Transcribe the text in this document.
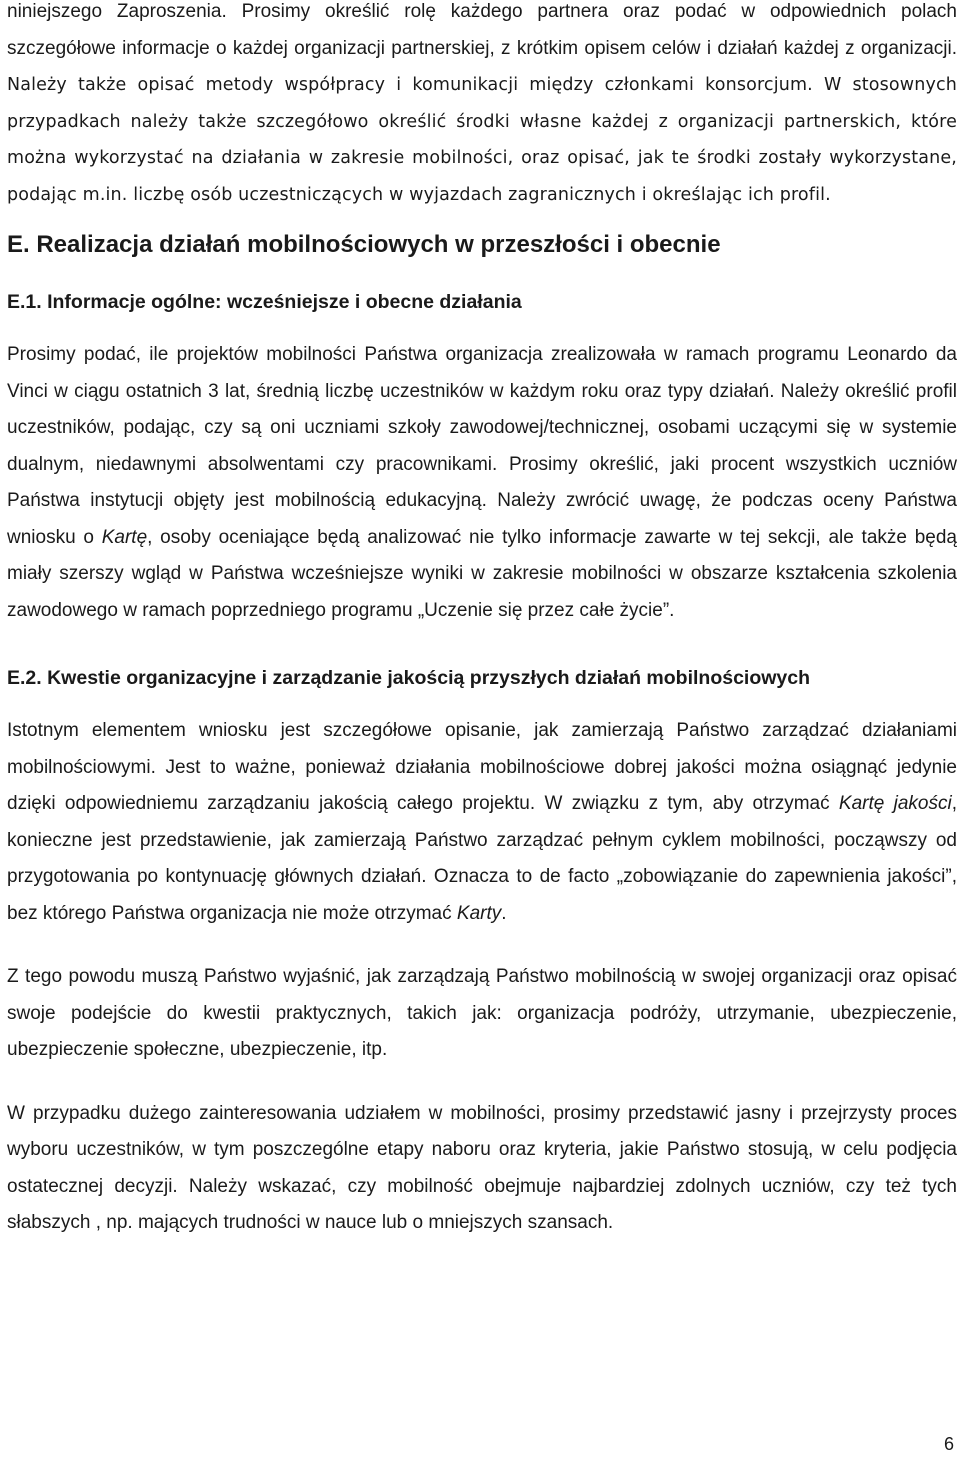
niniejszego Zaproszenia. Prosimy określić rolę każdego partnera oraz podać w odpowiednich polach szczegółowe informacje o każdej organizacji partnerskiej, z krótkim opisem celów i działań każdej z organizacji. Należy także opisać metody współpracy i komunikacji między członkami konsorcjum. W stosownych przypadkach należy także szczegółowo określić środki własne każdej z organizacji partnerskich, które można wykorzystać na działania w zakresie mobilności, oraz opisać, jak te środki zostały wykorzystane, podając m.in. liczbę osób uczestniczących w wyjazdach zagranicznych i określając ich profil.

E. Realizacja działań mobilnościowych w przeszłości i obecnie
E.1. Informacje ogólne: wcześniejsze i obecne działania

Prosimy podać, ile projektów mobilności Państwa organizacja zrealizowała w ramach programu Leonardo da Vinci w ciągu ostatnich 3 lat, średnią liczbę uczestników w każdym roku oraz typy działań. Należy określić profil uczestników, podając, czy są oni uczniami szkoły zawodowej/technicznej, osobami uczącymi się w systemie dualnym, niedawnymi absolwentami czy pracownikami. Prosimy określić, jaki procent wszystkich uczniów Państwa instytucji objęty jest mobilnością edukacyjną. Należy zwrócić uwagę, że podczas oceny Państwa wniosku o Kartę, osoby oceniające będą analizować nie tylko informacje zawarte w tej sekcji, ale także będą miały szerszy wgląd w Państwa wcześniejsze wyniki w zakresie mobilności w obszarze kształcenia szkolenia zawodowego w ramach poprzedniego programu „Uczenie się przez całe życie”.

E.2. Kwestie organizacyjne i zarządzanie jakością przyszłych działań mobilnościowych

Istotnym elementem wniosku jest szczegółowe opisanie, jak zamierzają Państwo zarządzać działaniami mobilnościowymi. Jest to ważne, ponieważ działania mobilnościowe dobrej jakości można osiągnąć jedynie dzięki odpowiedniemu zarządzaniu jakością całego projektu. W związku z tym, aby otrzymać Kartę jakości, konieczne jest przedstawienie, jak zamierzają Państwo zarządzać pełnym cyklem mobilności, począwszy od przygotowania po kontynuację głównych działań. Oznacza to de facto „zobowiązanie do zapewnienia jakości”, bez którego Państwa organizacja nie może otrzymać Karty.

Z tego powodu muszą Państwo wyjaśnić, jak zarządzają Państwo mobilnością w swojej organizacji oraz opisać swoje podejście do kwestii praktycznych, takich jak: organizacja podróży, utrzymanie, ubezpieczenie, ubezpieczenie społeczne, ubezpieczenie, itp.

W przypadku dużego zainteresowania udziałem w mobilności, prosimy przedstawić jasny i przejrzysty proces wyboru uczestników, w tym poszczególne etapy naboru oraz kryteria, jakie Państwo stosują, w celu podjęcia ostatecznej decyzji. Należy wskazać, czy mobilność obejmuje najbardziej zdolnych uczniów, czy też tych słabszych , np. mających trudności w nauce lub o mniejszych szansach.

6
